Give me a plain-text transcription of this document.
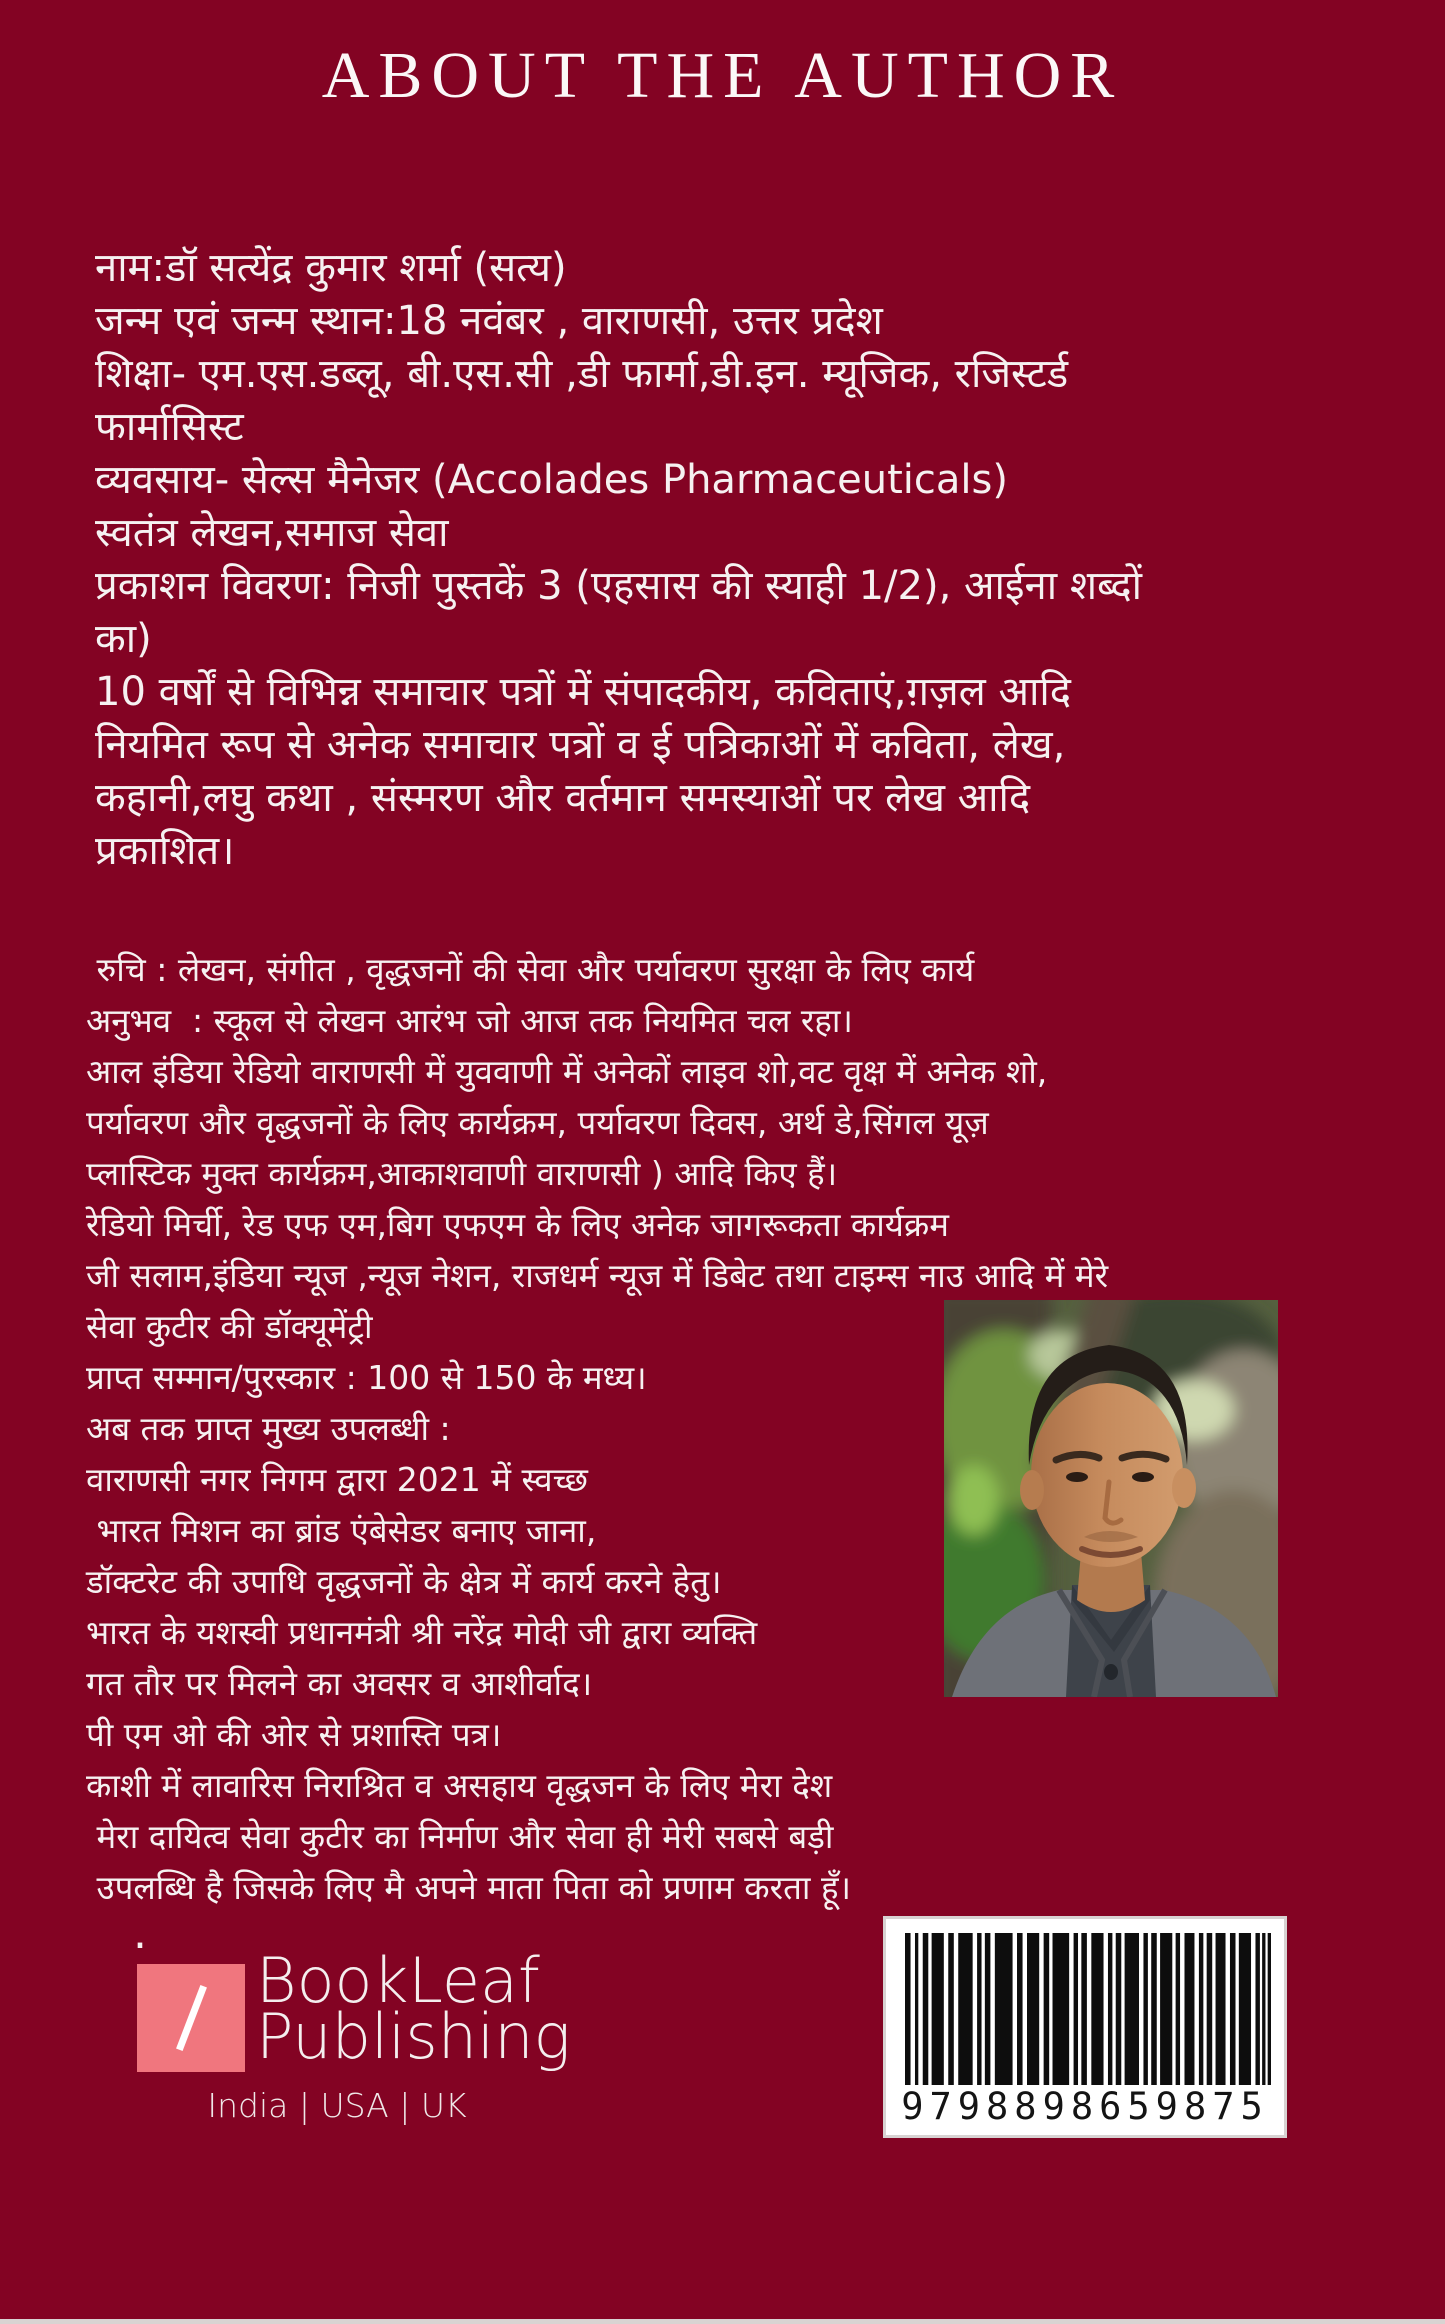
ABOUT THE AUTHOR
नाम:डॉ सत्येंद्र कुमार शर्मा (सत्य)
जन्म एवं जन्म स्थान:18 नवंबर , वाराणसी, उत्तर प्रदेश
शिक्षा- एम.एस.डब्लू, बी.एस.सी ,डी फार्मा,डी.इन. म्यूजिक, रजिस्टर्ड
फार्मासिस्ट
व्यवसाय- सेल्स मैनेजर (Accolades Pharmaceuticals)
स्वतंत्र लेखन,समाज सेवा
प्रकाशन विवरण: निजी पुस्तकें 3 (एहसास की स्याही 1/2), आईना शब्दों
का)
10 वर्षों से विभिन्न समाचार पत्रों में संपादकीय, कविताएं,ग़ज़ल आदि
नियमित रूप से अनेक समाचार पत्रों व ई पत्रिकाओं में कविता, लेख,
कहानी,लघु कथा , संस्मरण और वर्तमान समस्याओं पर लेख आदि
प्रकाशित।
रुचि : लेखन, संगीत , वृद्धजनों की सेवा और पर्यावरण सुरक्षा के लिए कार्य
अनुभव  : स्कूल से लेखन आरंभ जो आज तक नियमित चल रहा।
आल इंडिया रेडियो वाराणसी में युववाणी में अनेकों लाइव शो,वट वृक्ष में अनेक शो,
पर्यावरण और वृद्धजनों के लिए कार्यक्रम, पर्यावरण दिवस, अर्थ डे,सिंगल यूज़
प्लास्टिक मुक्त कार्यक्रम,आकाशवाणी वाराणसी ) आदि किए हैं।
रेडियो मिर्ची, रेड एफ एम,बिग एफएम के लिए अनेक जागरूकता कार्यक्रम
जी सलाम,इंडिया न्यूज ,न्यूज नेशन, राजधर्म न्यूज में डिबेट तथा टाइम्स नाउ आदि में मेरे
सेवा कुटीर की डॉक्यूमेंट्री
प्राप्त सम्मान/पुरस्कार : 100 से 150 के मध्य।
अब तक प्राप्त मुख्य उपलब्धी :
वाराणसी नगर निगम द्वारा 2021 में स्वच्छ
भारत मिशन का ब्रांड एंबेसेडर बनाए जाना,
डॉक्टरेट की उपाधि वृद्धजनों के क्षेत्र में कार्य करने हेतु।
भारत के यशस्वी प्रधानमंत्री श्री नरेंद्र मोदी जी द्वारा व्यक्ति
गत तौर पर मिलने का अवसर व आशीर्वाद।
पी एम ओ की ओर से प्रशास्ति पत्र।
काशी में लावारिस निराश्रित व असहाय वृद्धजन के लिए मेरा देश
मेरा दायित्व सेवा कुटीर का निर्माण और सेवा ही मेरी सबसे बड़ी
उपलब्धि है जिसके लिए मै अपने माता पिता को प्रणाम करता हूँ।
.
BookLeaf
Publishing
India | USA | UK	9798898659875
